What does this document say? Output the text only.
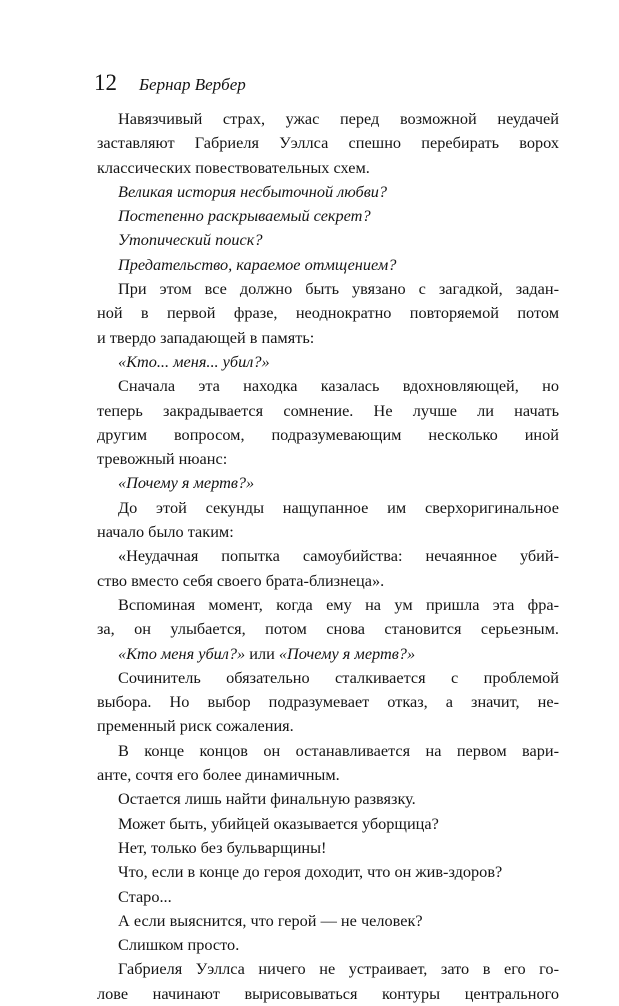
12 Бернар Вербер
Навязчивый страх, ужас перед возможной неудачей
заставляют Габриеля Уэллса спешно перебирать ворох
классических повествовательных схем.
Великая история несбыточной любви?
Постепенно раскрываемый секрет?
Утопический поиск?
Предательство, караемое отмщением?
При этом все должно быть увязано с загадкой, задан-
ной в первой фразе, неоднократно повторяемой потом
и твердо западающей в память:
«Кто... меня... убил?»
Сначала эта находка казалась вдохновляющей, но
теперь закрадывается сомнение. Не лучше ли начать
другим вопросом, подразумевающим несколько иной
тревожный нюанс:
«Почему я мертв?»
До этой секунды нащупанное им сверхоригинальное
начало было таким:
«Неудачная попытка самоубийства: нечаянное убий-
ство вместо себя своего брата-близнеца».
Вспоминая момент, когда ему на ум пришла эта фра-
за, он улыбается, потом снова становится серьезным.
«Кто меня убил?» или «Почему я мертв?»
Сочинитель обязательно сталкивается с проблемой
выбора. Но выбор подразумевает отказ, а значит, не-
пременный риск сожаления.
В конце концов он останавливается на первом вари-
анте, сочтя его более динамичным.
Остается лишь найти финальную развязку.
Может быть, убийцей оказывается уборщица?
Нет, только без бульварщины!
Что, если в конце до героя доходит, что он жив-здоров?
Старо...
А если выяснится, что герой — не человек?
Слишком просто.
Габриеля Уэллса ничего не устраивает, зато в его го-
лове начинают вырисовываться контуры центрального
